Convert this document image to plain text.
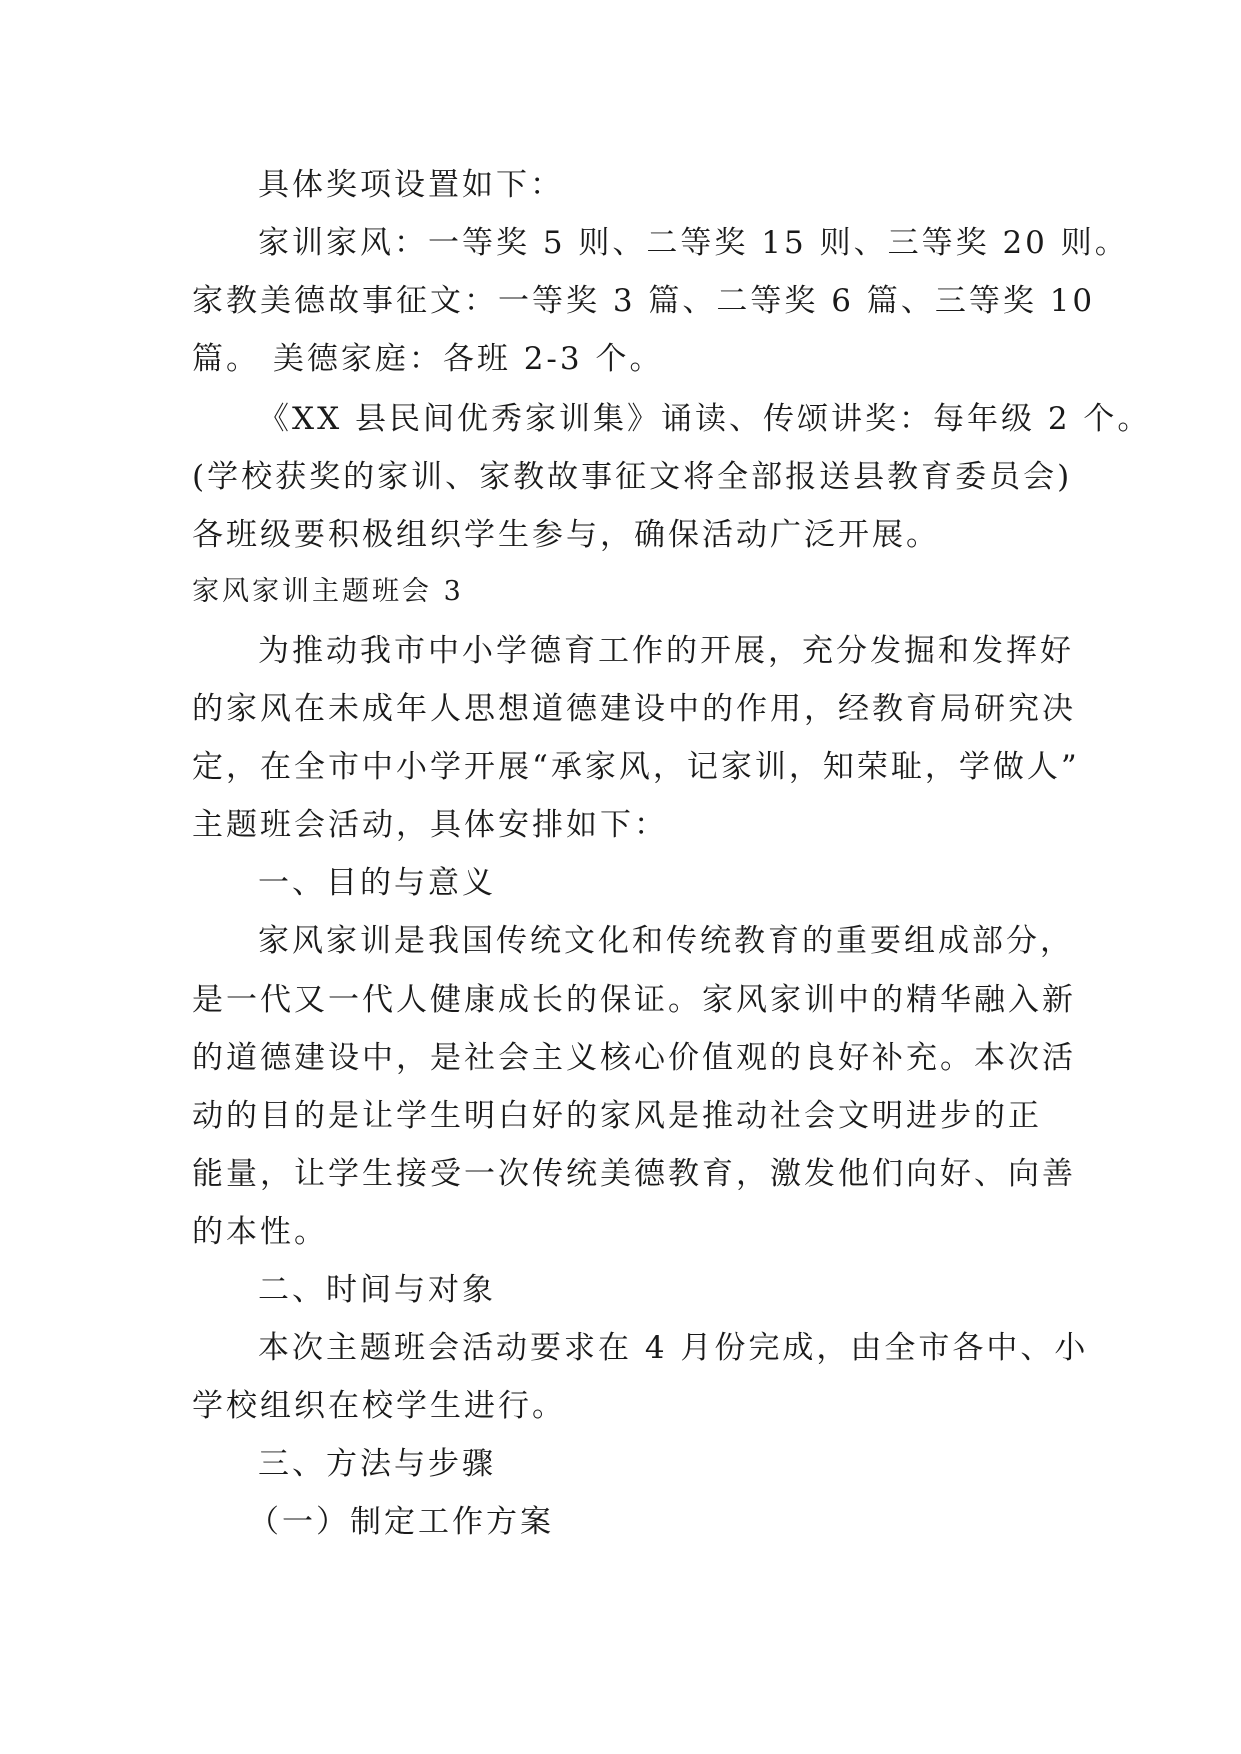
具体奖项设置如下：
家训家风：一等奖 5 则、二等奖 15 则、三等奖 20 则。
家教美德故事征文：一等奖 3 篇、二等奖 6 篇、三等奖 10
篇。 美德家庭：各班 2-3 个。
《XX 县民间优秀家训集》诵读、传颂讲奖：每年级 2 个。
(学校获奖的家训、家教故事征文将全部报送县教育委员会)
各班级要积极组织学生参与，确保活动广泛开展。
家风家训主题班会 3
为推动我市中小学德育工作的开展，充分发掘和发挥好
的家风在未成年人思想道德建设中的作用，经教育局研究决
定，在全市中小学开展“承家风，记家训，知荣耻，学做人”
主题班会活动，具体安排如下：
一、目的与意义
家风家训是我国传统文化和传统教育的重要组成部分，
是一代又一代人健康成长的保证。家风家训中的精华融入新
的道德建设中，是社会主义核心价值观的良好补充。本次活
动的目的是让学生明白好的家风是推动社会文明进步的正
能量，让学生接受一次传统美德教育，激发他们向好、向善
的本性。
二、时间与对象
本次主题班会活动要求在 4 月份完成，由全市各中、小
学校组织在校学生进行。
三、方法与步骤
（一）制定工作方案
